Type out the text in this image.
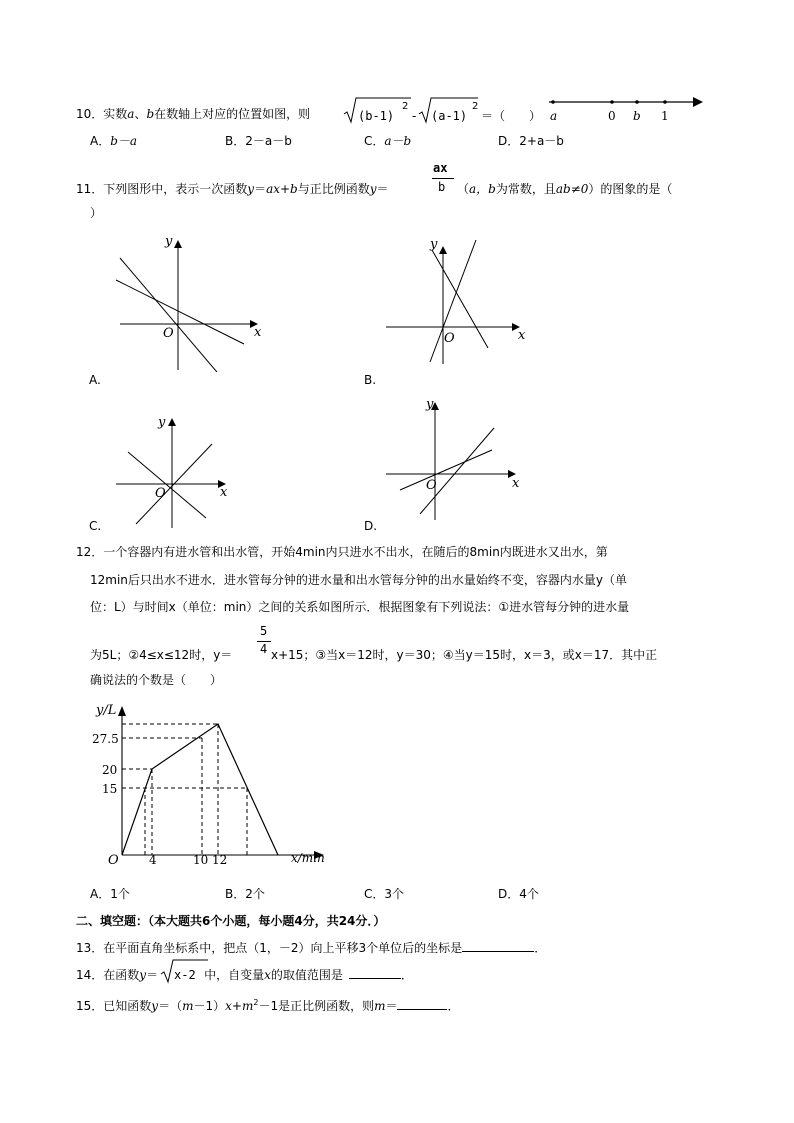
10．实数a、b在数轴上对应的位置如图，则	(b-1)
2
- (a-1)
2
＝（　　） a	0 b 1
A．b－a	B．2－a－b	C．a－b	D．2+a－b
11．下列图形中，表示一次函数y＝ax+b与正比例函数y＝
ax
b （a，b为常数，且ab≠0）的图象的是（
）
x
y
O
A.
x
y
O
B.
x
y
O
C.
x
y
O
D.
12．一个容器内有进水管和出水管，开始4min内只进水不出水，在随后的8min内既进水又出水，第
12min后只出水不进水．进水管每分钟的进水量和出水管每分钟的出水量始终不变，容器内水量y（单
位：L）与时间x（单位：min）之间的关系如图所示．根据图象有下列说法：①进水管每分钟的进水量
为5L；②4≤x≤12时，y＝
5
4 x+15；③当x＝12时，y＝30；④当y＝15时，x＝3，或x＝17．其中正
确说法的个数是（　　）
y/L
x/min
O
27.5
20
15
4	10 12
A．1个	B．2个	C．3个	D．4个
二、填空题：（本大题共6个小题，每小题4分，共24分．）
13．在平面直角坐标系中，把点（1，－2）向上平移3个单位后的坐标是	．
14．在函数y＝	中，自变量x的取值范围是	．
x-2
15．已知函数$y=(m-1)x+m^2-1$是正比例函数，则m＝	．
